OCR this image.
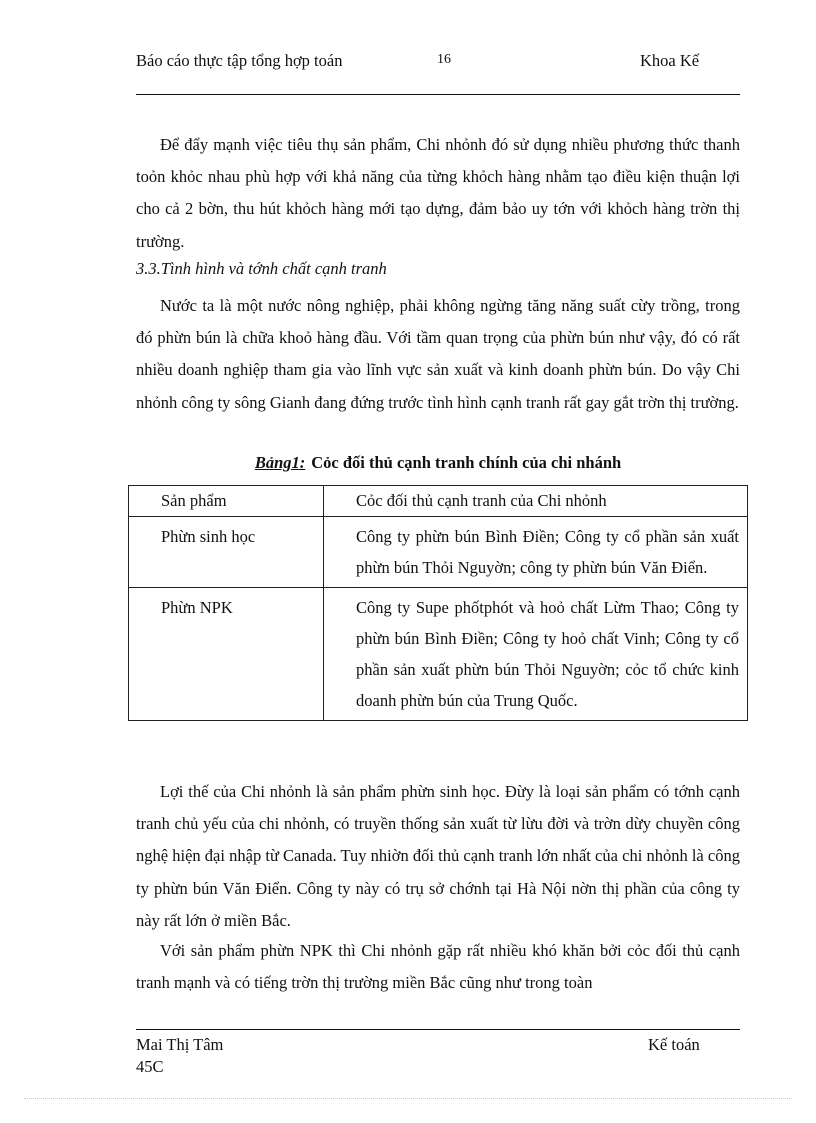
Báo cáo thực tập tổng hợp toán	16	Khoa Kế

Để đẩy mạnh việc tiêu thụ sản phẩm, Chi nhỏnh đó sử dụng nhiều phương thức thanh toỏn khỏc nhau phù hợp với khả năng của từng khỏch hàng nhằm tạo điều kiện thuận lợi cho cả 2 bờn, thu hút khỏch hàng mới tạo dựng, đảm bảo uy tớn với khỏch hàng trờn thị trường.

3.3.Tình hình và tớnh chất cạnh tranh

Nước ta là một nước nông nghiệp, phải không ngừng tăng năng suất cừy trồng, trong đó phừn bún là chữa khoỏ hàng đầu. Với tầm quan trọng của phừn bún như vậy, đó có rất nhiều doanh nghiệp tham gia vào lĩnh vực sản xuất và kinh doanh phừn bún. Do vậy Chi nhỏnh công ty sông Gianh đang đứng trước tình hình cạnh tranh rất gay gắt trờn thị trường.

Bảng1: Cỏc đối thủ cạnh tranh chính của chi nhánh
Sản phẩm	Cỏc đối thủ cạnh tranh của Chi nhỏnh
Phừn sinh học	Công ty phừn bún Bình Điền; Công ty cổ phần sản xuất phừn bún Thỏi Nguyờn; công ty phừn bún Văn Điển.
Phừn NPK	Công ty Supe phốtphót và hoỏ chất Lừm Thao; Công ty phừn bún Bình Điền; Công ty hoỏ chất Vinh; Công ty cổ phần sản xuất phừn bún Thỏi Nguyờn; cỏc tổ chức kinh doanh phừn bún của Trung Quốc.

Lợi thế của Chi nhỏnh là sản phẩm phừn sinh học. Đừy là loại sản phẩm có tớnh cạnh tranh chủ yếu của chi nhỏnh, có truyền thống sản xuất từ lừu đời và trờn dừy chuyền công nghệ hiện đại nhập từ Canada. Tuy nhiờn đối thủ cạnh tranh lớn nhất của chi nhỏnh là công ty phừn bún Văn Điển. Công ty này có trụ sở chớnh tại Hà Nội nờn thị phần của công ty này rất lớn ở miền Bắc.

Với sản phẩm phừn NPK thì Chi nhỏnh gặp rất nhiều khó khăn bởi cỏc đối thủ cạnh tranh mạnh và có tiếng trờn thị trường miền Bắc cũng như trong toàn

Mai Thị Tâm
45C
Kế toán
